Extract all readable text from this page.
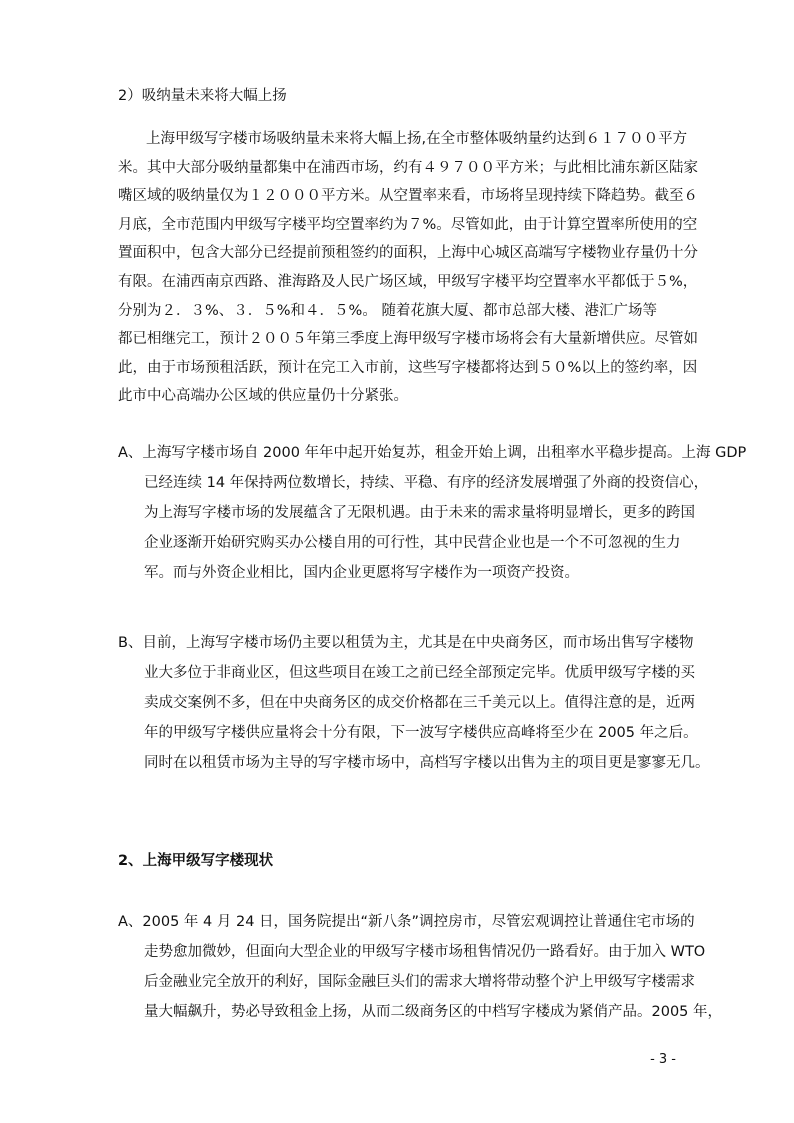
2）吸纳量未来将大幅上扬
上海甲级写字楼市场吸纳量未来将大幅上扬,在全市整体吸纳量约达到６１７００平方
米。其中大部分吸纳量都集中在浦西市场，约有４９７００平方米；与此相比浦东新区陆家
嘴区域的吸纳量仅为１２０００平方米。从空置率来看，市场将呈现持续下降趋势。截至６
月底，全市范围内甲级写字楼平均空置率约为７%。尽管如此，由于计算空置率所使用的空
置面积中，包含大部分已经提前预租签约的面积，上海中心城区高端写字楼物业存量仍十分
有限。在浦西南京西路、淮海路及人民广场区域，甲级写字楼平均空置率水平都低于５%，
分别为２．３%、３．５%和４．５%。 随着花旗大厦、都市总部大楼、港汇广场等
都已相继完工，预计２００５年第三季度上海甲级写字楼市场将会有大量新增供应。尽管如
此，由于市场预租活跃，预计在完工入市前，这些写字楼都将达到５０%以上的签约率，因
此市中心高端办公区域的供应量仍十分紧张。
A、上海写字楼市场自 2000 年年中起开始复苏，租金开始上调，出租率水平稳步提高。上海 GDP
已经连续 14 年保持两位数增长，持续、平稳、有序的经济发展增强了外商的投资信心，
为上海写字楼市场的发展蕴含了无限机遇。由于未来的需求量将明显增长，更多的跨国
企业逐渐开始研究购买办公楼自用的可行性，其中民营企业也是一个不可忽视的生力
军。而与外资企业相比，国内企业更愿将写字楼作为一项资产投资。
B、目前，上海写字楼市场仍主要以租赁为主，尤其是在中央商务区，而市场出售写字楼物
业大多位于非商业区，但这些项目在竣工之前已经全部预定完毕。优质甲级写字楼的买
卖成交案例不多，但在中央商务区的成交价格都在三千美元以上。值得注意的是，近两
年的甲级写字楼供应量将会十分有限，下一波写字楼供应高峰将至少在 2005 年之后。
同时在以租赁市场为主导的写字楼市场中，高档写字楼以出售为主的项目更是寥寥无几。
2、上海甲级写字楼现状
A、2005 年 4 月 24 日，国务院提出“新八条”调控房市，尽管宏观调控让普通住宅市场的
走势愈加微妙，但面向大型企业的甲级写字楼市场租售情况仍一路看好。由于加入 WTO
后金融业完全放开的利好，国际金融巨头们的需求大增将带动整个沪上甲级写字楼需求
量大幅飙升，势必导致租金上扬，从而二级商务区的中档写字楼成为紧俏产品。2005 年，
- 3 -
